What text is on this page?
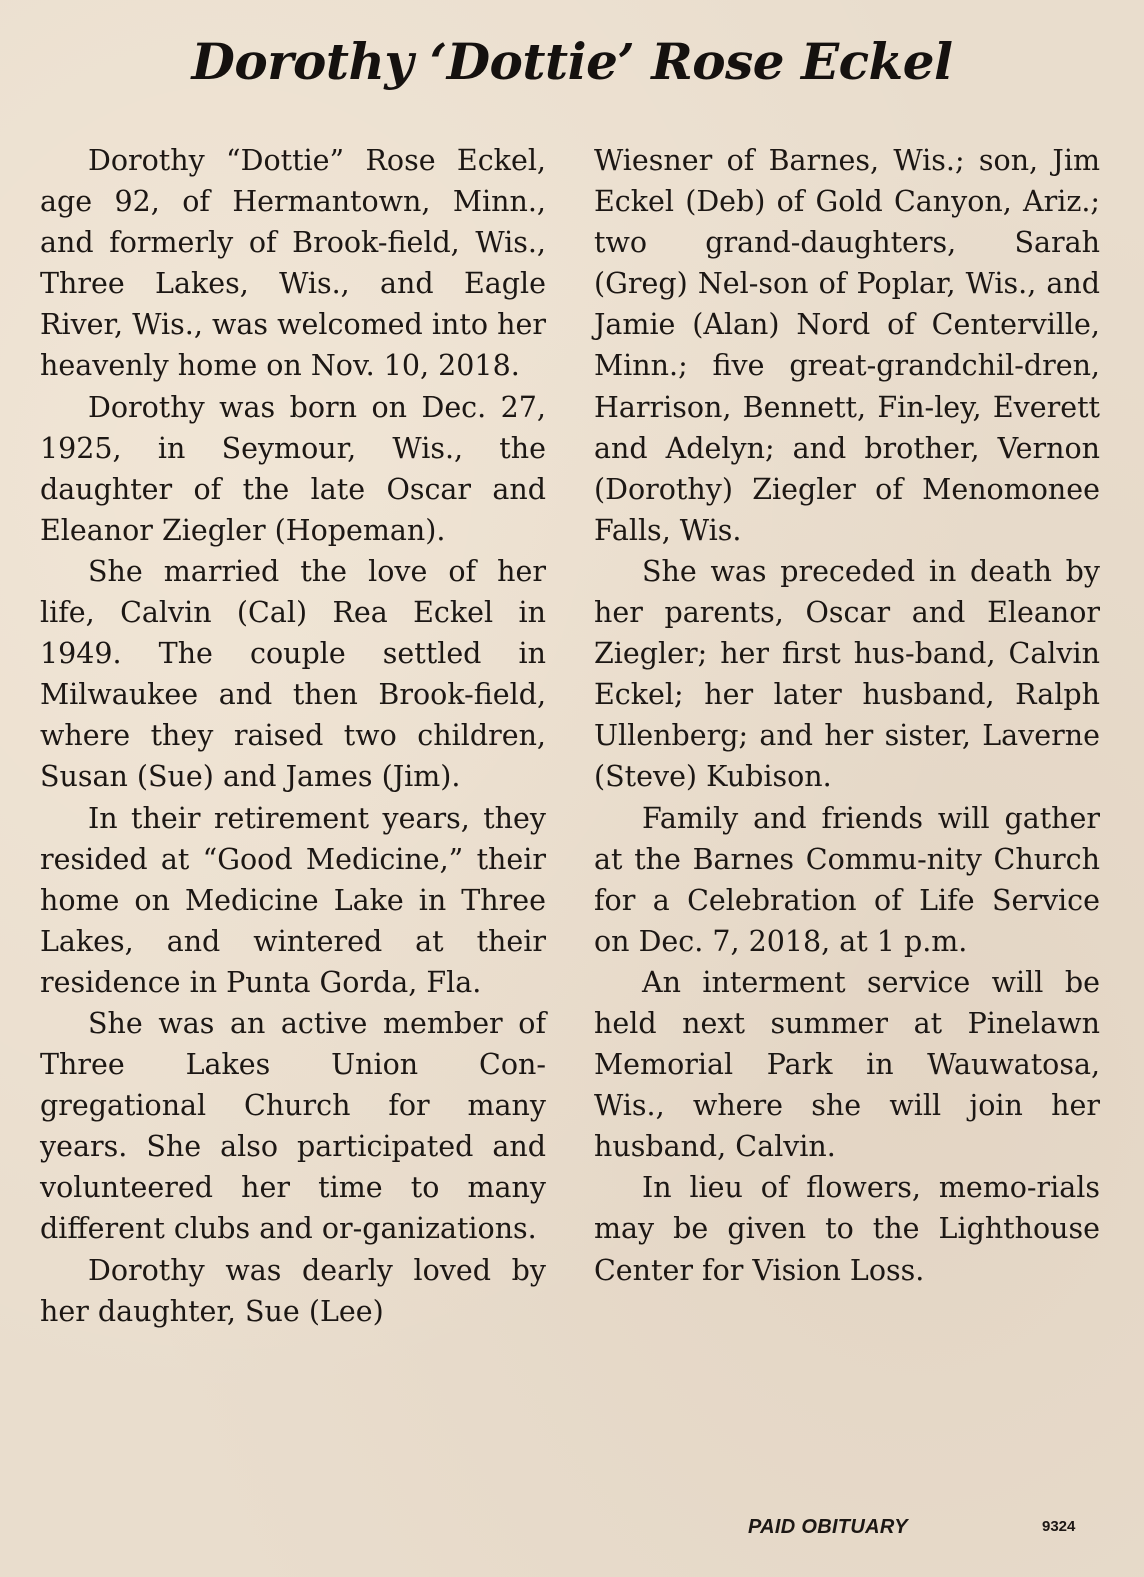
Dorothy ‘Dottie’ Rose Eckel

Dorothy “Dottie” Rose Eckel, age 92, of Hermantown, Minn., and formerly of Brook-field, Wis., Three Lakes, Wis., and Eagle River, Wis., was welcomed into her heavenly home on Nov. 10, 2018.

Dorothy was born on Dec. 27, 1925, in Seymour, Wis., the daughter of the late Oscar and Eleanor Ziegler (Hopeman).

She married the love of her life, Calvin (Cal) Rea Eckel in 1949. The couple settled in Milwaukee and then Brook-field, where they raised two children, Susan (Sue) and James (Jim).

In their retirement years, they resided at “Good Medicine,” their home on Medicine Lake in Three Lakes, and wintered at their residence in Punta Gorda, Fla.

She was an active member of Three Lakes Union Con-gregational Church for many years. She also participated and volunteered her time to many different clubs and or-ganizations.

Dorothy was dearly loved by her daughter, Sue (Lee)

Wiesner of Barnes, Wis.; son, Jim Eckel (Deb) of Gold Canyon, Ariz.; two grand-daughters, Sarah (Greg) Nel-son of Poplar, Wis., and Jamie (Alan) Nord of Centerville, Minn.; five great-grandchil-dren, Harrison, Bennett, Fin-ley, Everett and Adelyn; and brother, Vernon (Dorothy) Ziegler of Menomonee Falls, Wis.

She was preceded in death by her parents, Oscar and Eleanor Ziegler; her first hus-band, Calvin Eckel; her later husband, Ralph Ullenberg; and her sister, Laverne (Steve) Kubison.

Family and friends will gather at the Barnes Commu-nity Church for a Celebration of Life Service on Dec. 7, 2018, at 1 p.m.

An interment service will be held next summer at Pinelawn Memorial Park in Wauwatosa, Wis., where she will join her husband, Calvin.

In lieu of flowers, memo-rials may be given to the Lighthouse Center for Vision Loss.

PAID OBITUARY	9324
